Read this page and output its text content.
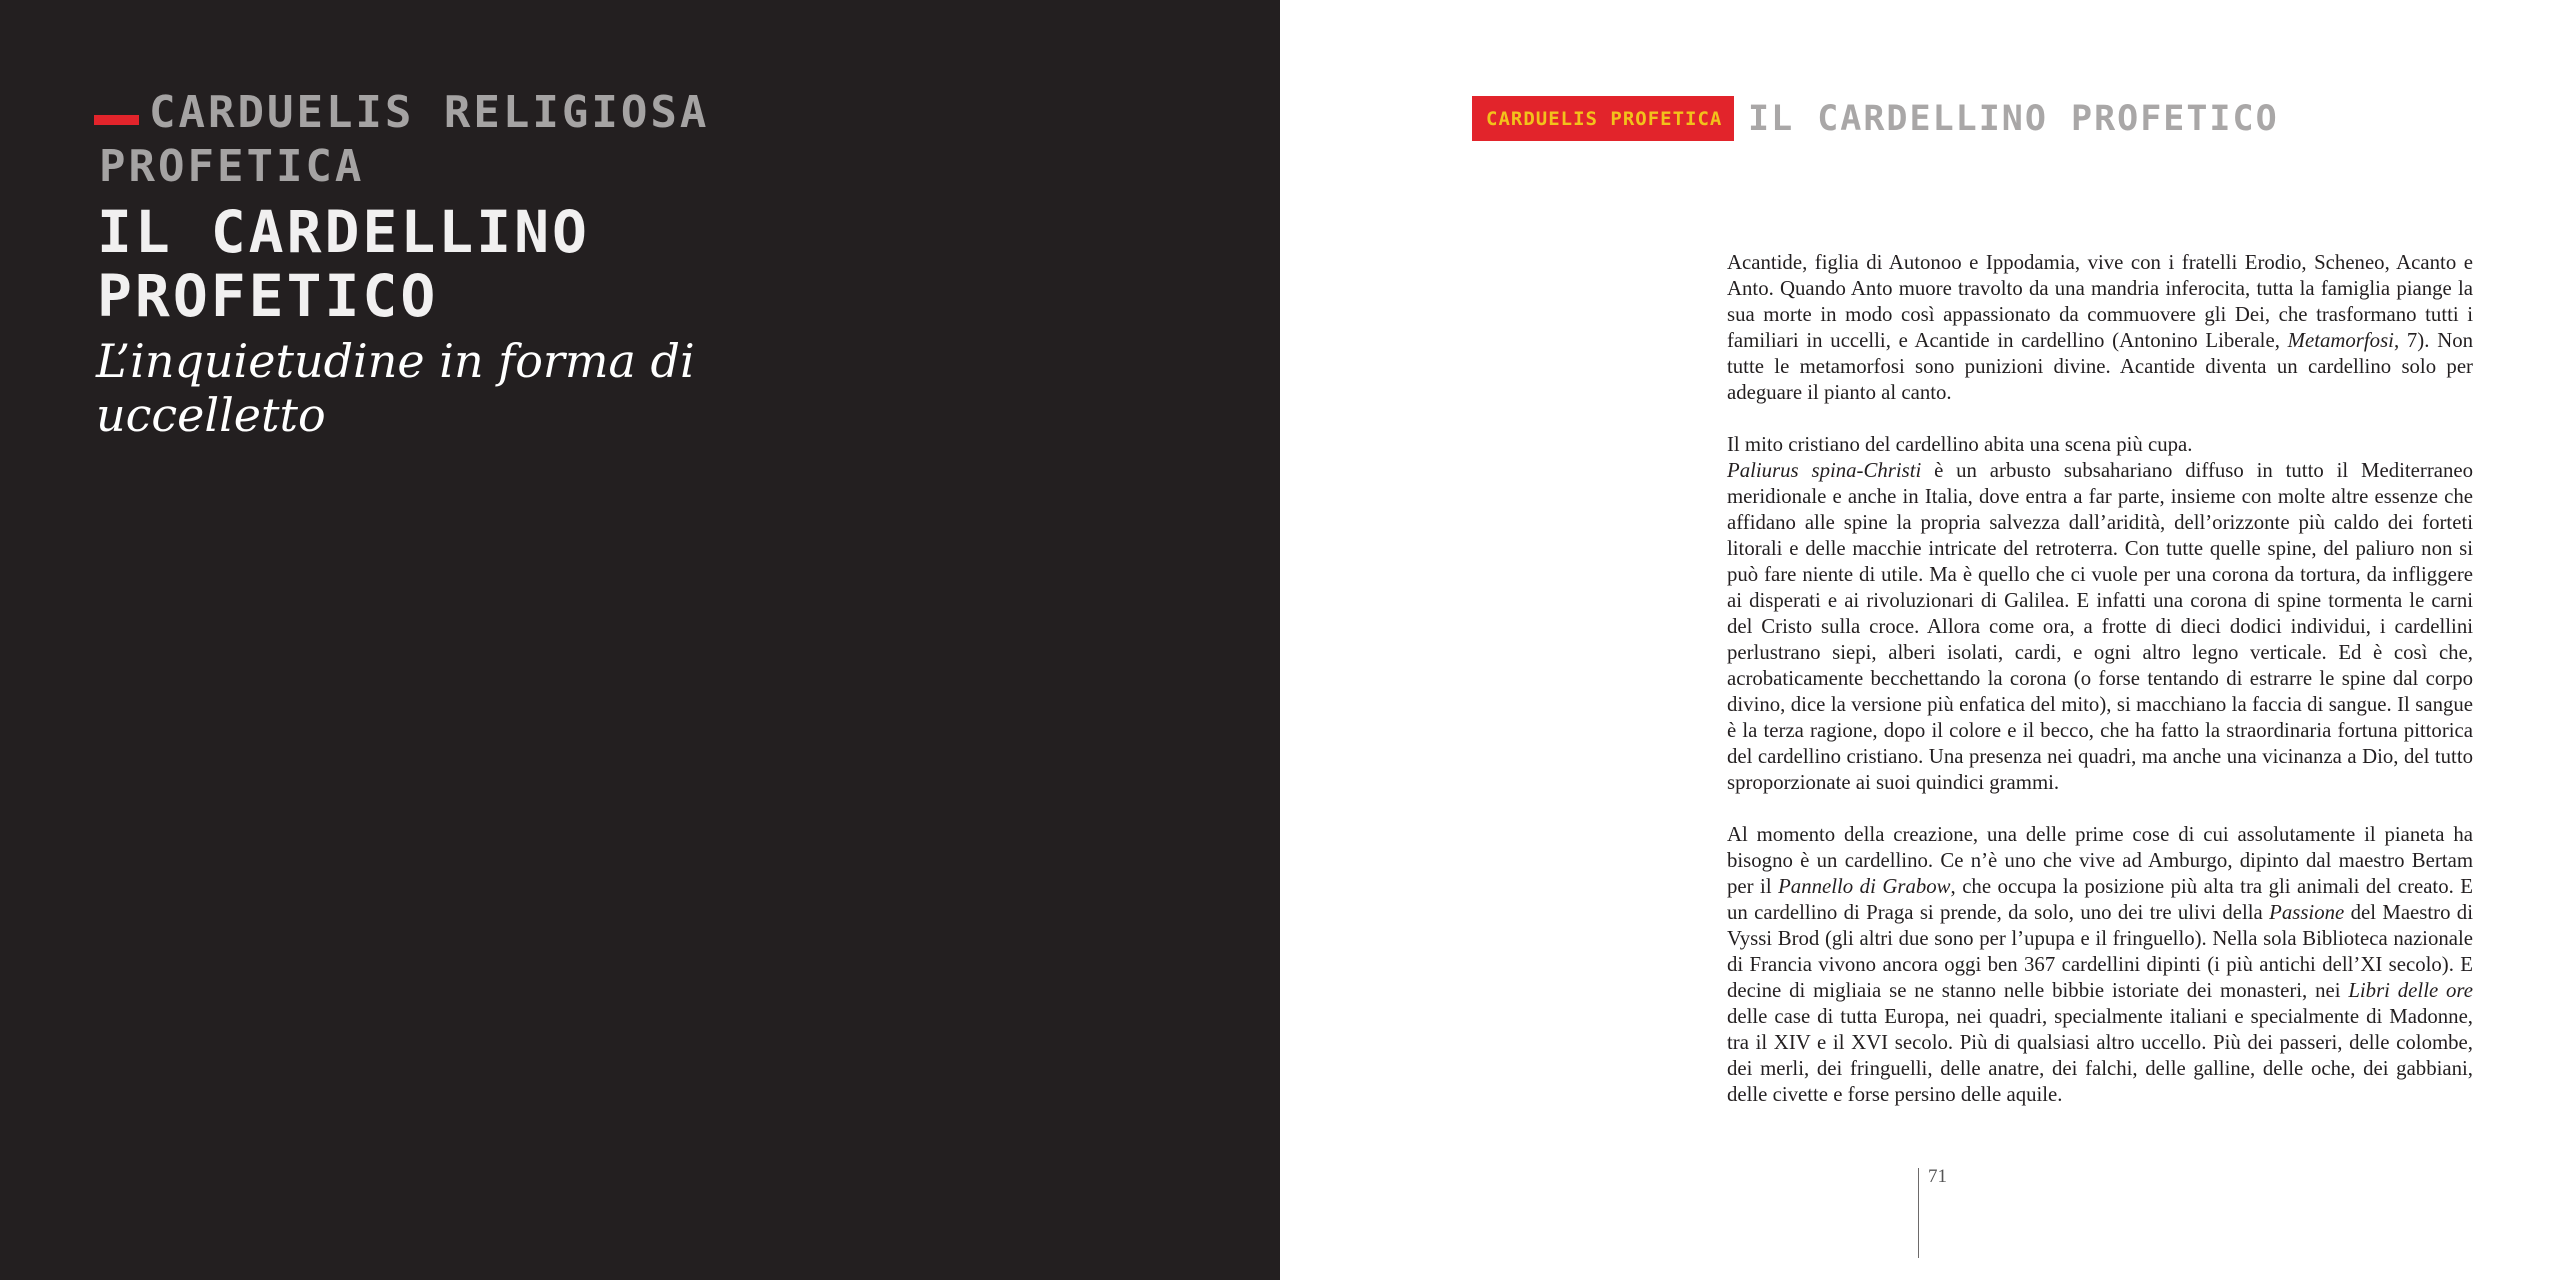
CARDUELIS RELIGIOSA PROFETICA
IL CARDELLINO PROFETICO
L’inquietudine in forma di uccelletto
CARDUELIS PROFETICA IL CARDELLINO PROFETICO

Acantide, figlia di Autonoo e Ippodamia, vive con i fratelli Erodio, Scheneo, Acanto e Anto. Quando Anto muore travolto da una mandria inferocita, tutta la famiglia piange la sua morte in modo così appassionato da commuovere gli Dei, che trasformano tutti i familiari in uccelli, e Acantide in cardellino (Antonino Liberale, Metamorfosi, 7). Non tutte le metamorfosi sono punizioni divine. Acantide diventa un cardellino solo per adeguare il pianto al canto.

Il mito cristiano del cardellino abita una scena più cupa.

Paliurus spina-Christi è un arbusto subsahariano diffuso in tutto il Mediterraneo meridionale e anche in Italia, dove entra a far parte, insieme con molte altre essenze che affidano alle spine la propria salvezza dall’aridità, dell’orizzonte più caldo dei forteti litorali e delle macchie intricate del retroterra. Con tutte quelle spine, del paliuro non si può fare niente di utile. Ma è quello che ci vuole per una corona da tortura, da infliggere ai disperati e ai rivoluzionari di Galilea. E infatti una corona di spine tormenta le carni del Cristo sulla croce. Allora come ora, a frotte di dieci dodici individui, i cardellini perlustrano siepi, alberi isolati, cardi, e ogni altro legno verticale. Ed è così che, acrobaticamente becchettando la corona (o forse tentando di estrarre le spine dal corpo divino, dice la versione più enfatica del mito), si macchiano la faccia di sangue. Il sangue è la terza ragione, dopo il colore e il becco, che ha fatto la straordinaria fortuna pittorica del cardellino cristiano. Una presenza nei quadri, ma anche una vicinanza a Dio, del tutto sproporzionate ai suoi quindici grammi.

Al momento della creazione, una delle prime cose di cui assolutamente il pianeta ha bisogno è un cardellino. Ce n’è uno che vive ad Amburgo, dipinto dal maestro Bertam per il Pannello di Grabow, che occupa la posizione più alta tra gli animali del creato. E un cardellino di Praga si prende, da solo, uno dei tre ulivi della Passione del Maestro di Vyssi Brod (gli altri due sono per l’upupa e il fringuello). Nella sola Biblioteca nazionale di Francia vivono ancora oggi ben 367 cardellini dipinti (i più antichi dell’XI secolo). E decine di migliaia se ne stanno nelle bibbie istoriate dei monasteri, nei Libri delle ore delle case di tutta Europa, nei quadri, specialmente italiani e specialmente di Madonne, tra il XIV e il XVI secolo. Più di qualsiasi altro uccello. Più dei passeri, delle colombe, dei merli, dei fringuelli, delle anatre, dei falchi, delle galline, delle oche, dei gabbiani, delle civette e forse persino delle aquile.

71
